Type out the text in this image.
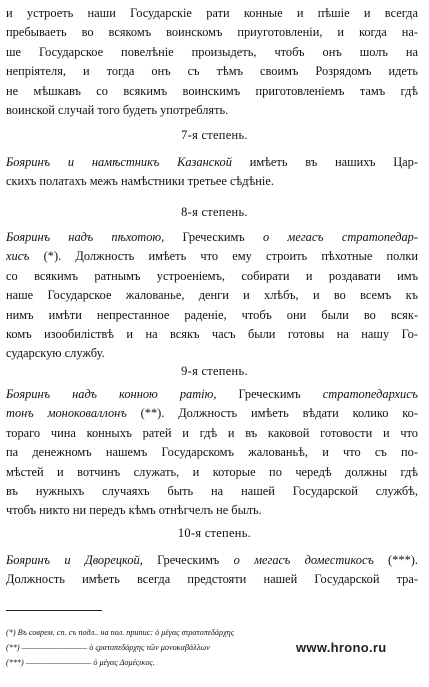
и устроеть наши Государскіе рати конные и пѣшіе и всегда
пребываеть во всякомъ воинскомъ приуготовленіи, и когда на-
ше Государское повелѣніе произыдеть, чтобъ онъ шолъ на
непріятеля, и тогда онъ съ тѣмъ своимъ Розрядомъ идеть
не мѣшкавъ со всякимъ воинскимъ приготовленіемъ тамъ гдѣ
воинской случай того будеть употреблять.

7-я степень.

Бояринъ и намѣстникъ Казанской имѣеть въ нашихъ Цар-
скихъ полатахъ межъ намѣстники третьее сѣдѣніе.

8-я степень.

Бояринъ надъ пѣхотою, Греческимъ о мегасъ стратопедар-
хисъ (*). Должность имѣеть что ему строить пѣхотные полки
со всякимъ ратнымъ устроеніемъ, собирати и роздавати имъ
наше Государское жалованье, денги и хлѣбъ, и во всемъ къ
нимъ имѣти непрестанное раденіе, чтобъ они были во всяк-
комъ изообиліствѣ и на всякъ часъ были готовы на нашу Го-
сударскую службу.

9-я степень.

Бояринъ надъ конною ратію, Греческимъ стратопедархисъ
тонъ моноковаллонъ (**). Должность имѣеть вѣдати колико ко-
тораго чина конныхъ ратей и гдѣ и въ каковой готовости и что
па денежномъ нашемъ Государскомъ жалованьѣ, и что съ по-
мѣстей и вотчинъ служать, и которые по чередѣ должны гдѣ
въ нужныхъ случаяхъ быть на нашей Государской службѣ,
чтобъ никто ни передъ кѣмъ отнѣгчелъ не былъ.

10-я степень.

Бояринъ и Дворецкой, Греческимъ о мегасъ доместикосъ (***).
Должность имѣеть всегда предстояти нашей Государской тра-

(*) Въ соврем. сп. съ подл.. на пол. припис: ὁ μέγας στρατοπεδάρχης
(**) ————————— ὁ ςρατοπεδάρχης τῶν μονοκαβάλλων
(***) ————————— ὁ μέγας Δομέςικος.
www.hrono.ru
